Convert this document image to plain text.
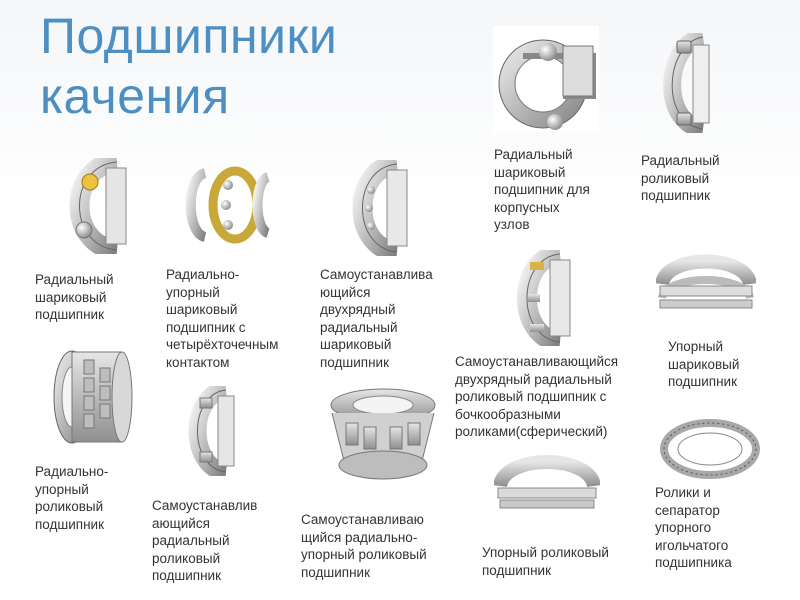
Подшипники
качения
Радиальный
шариковый
подшипник для
корпусных
узлов
Радиальный
роликовый
подшипник
Радиальный
шариковый
подшипник
Радиально-
упорный
шариковый
подшипник с
четырёхточечным
контактом
Самоустанавлива
ющийся
двухрядный
радиальный
шариковый
подшипник	Самоустанавливающийся
двухрядный радиальный
роликовый подшипник с
бочкообразными
роликами(сферический)
Упорный
шариковый
подшипник
Радиально-
упорный
роликовый
подшипник
Самоустанавлив
ающийся
радиальный
роликовый
подшипник
Самоустанавливаю
щийся радиально-
упорный роликовый
подшипник
Упорный роликовый
подшипник
Ролики и
сепаратор
упорного
игольчатого
подшипника
